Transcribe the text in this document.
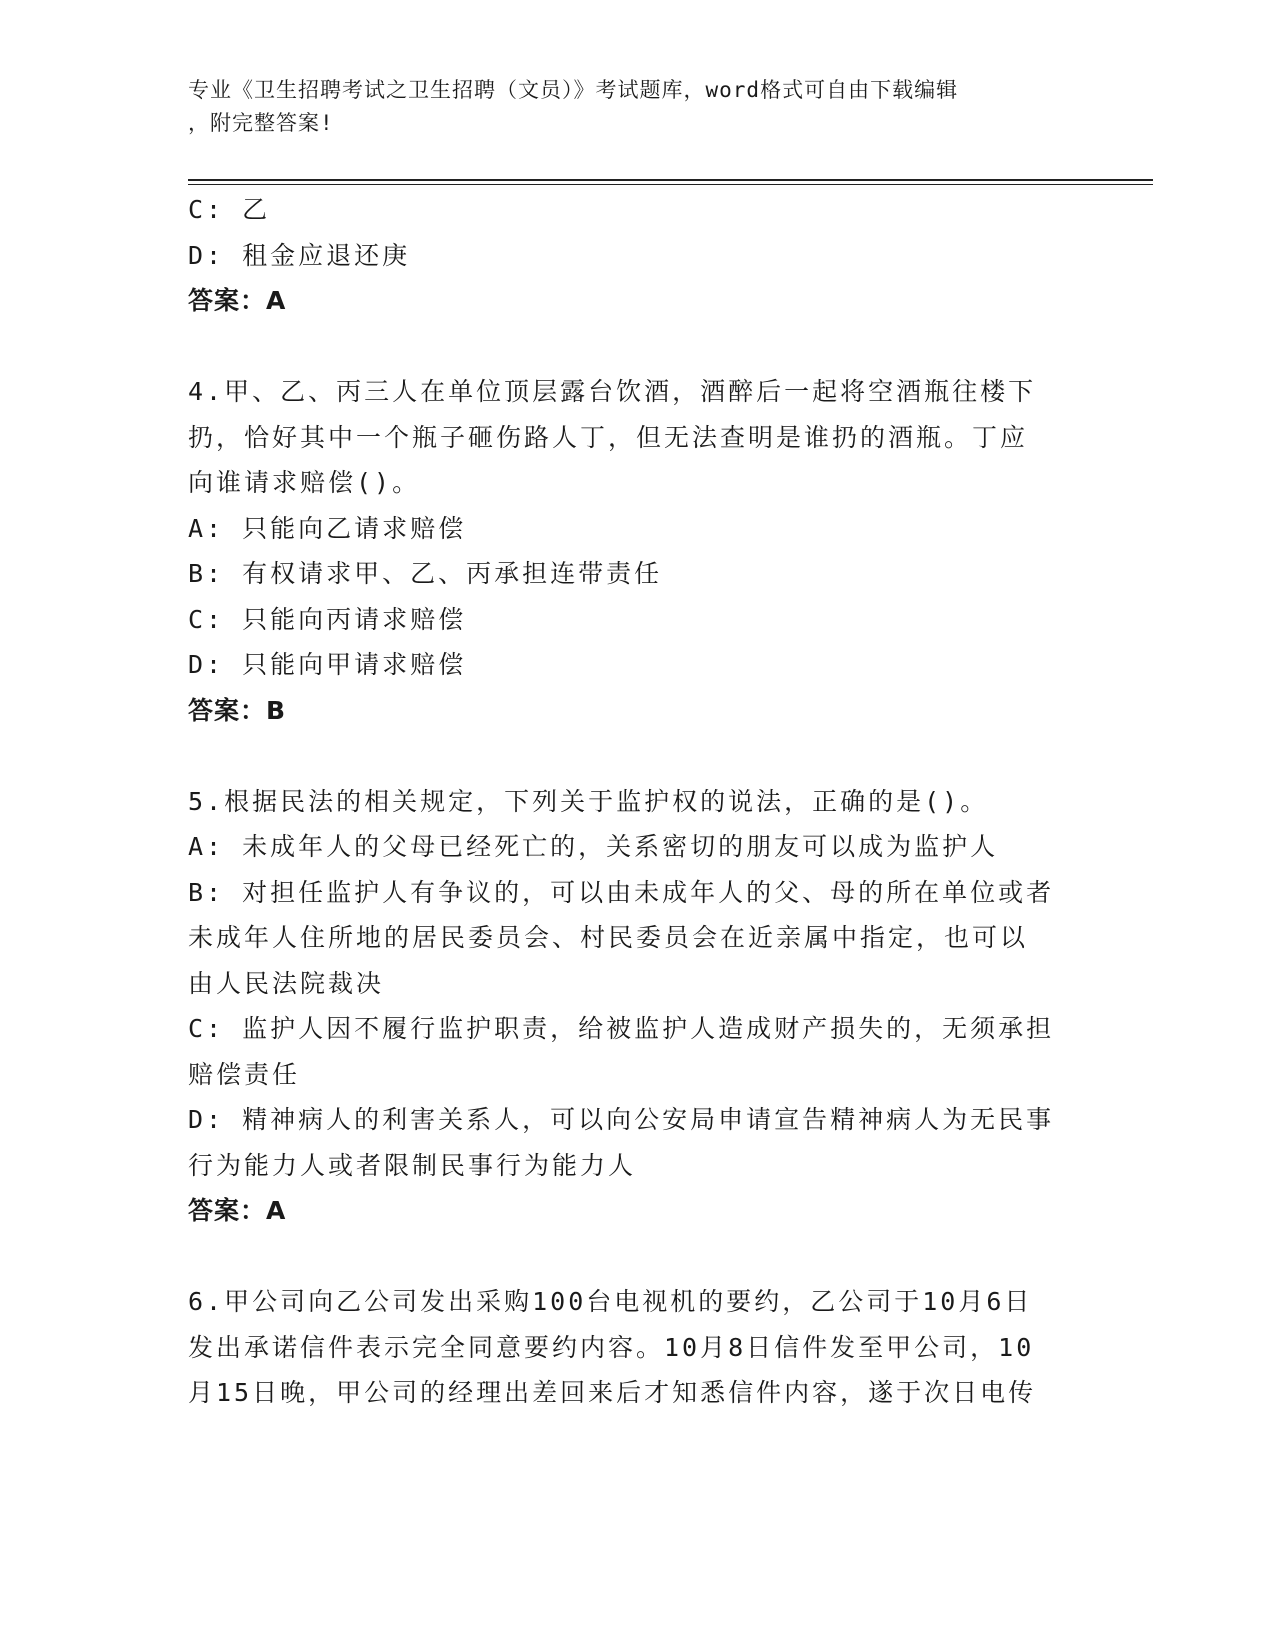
专业《卫生招聘考试之卫生招聘（文员）》考试题库，word格式可自由下载编辑
，附完整答案!

C: 乙

D: 租金应退还庚

答案：A

4.甲、乙、丙三人在单位顶层露台饮酒，酒醉后一起将空酒瓶往楼下

扔，恰好其中一个瓶子砸伤路人丁，但无法查明是谁扔的酒瓶。丁应

向谁请求赔偿()。

A: 只能向乙请求赔偿

B: 有权请求甲、乙、丙承担连带责任

C: 只能向丙请求赔偿

D: 只能向甲请求赔偿

答案：B

5.根据民法的相关规定，下列关于监护权的说法，正确的是()。

A: 未成年人的父母已经死亡的，关系密切的朋友可以成为监护人

B: 对担任监护人有争议的，可以由未成年人的父、母的所在单位或者

未成年人住所地的居民委员会、村民委员会在近亲属中指定，也可以

由人民法院裁决

C: 监护人因不履行监护职责，给被监护人造成财产损失的，无须承担

赔偿责任

D: 精神病人的利害关系人，可以向公安局申请宣告精神病人为无民事

行为能力人或者限制民事行为能力人

答案：A

6.甲公司向乙公司发出采购100台电视机的要约，乙公司于10月6日

发出承诺信件表示完全同意要约内容。10月8日信件发至甲公司，10

月15日晚，甲公司的经理出差回来后才知悉信件内容，遂于次日电传
